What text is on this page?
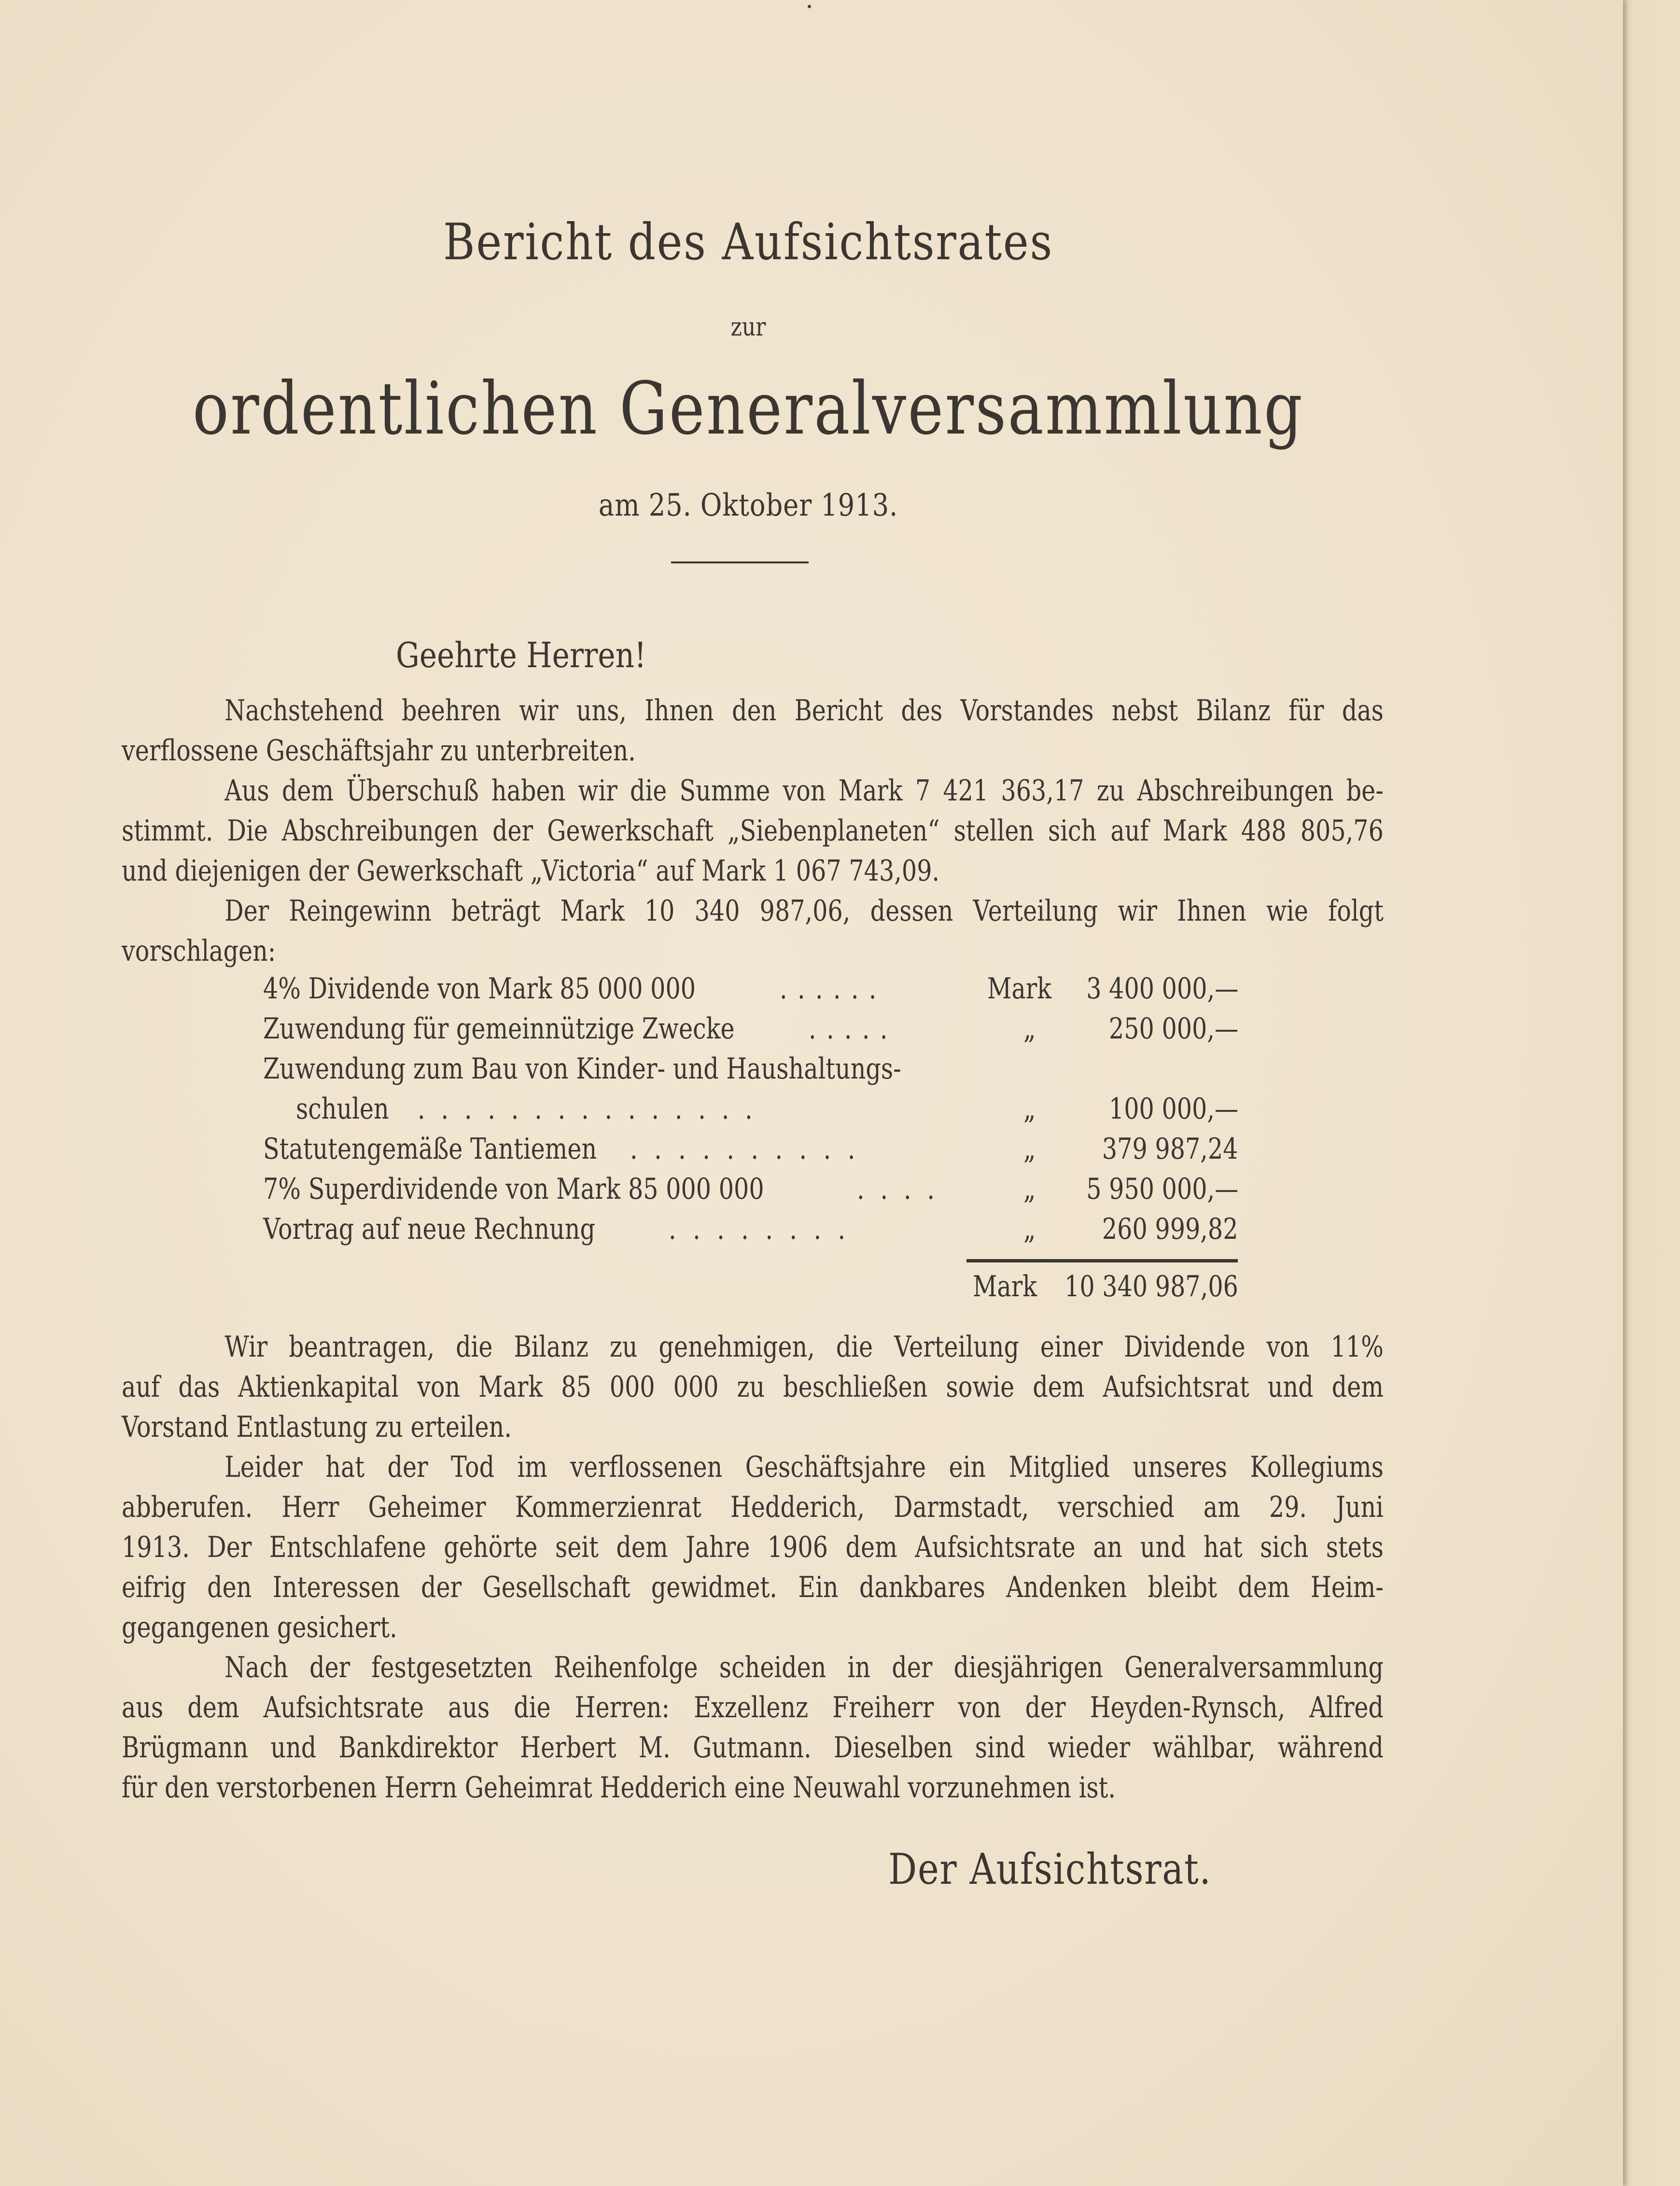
Bericht des Aufsichtsrates
zur
ordentlichen Generalversammlung
am 25. Oktober 1913.
Geehrte Herren!
Nachstehend beehren wir uns, Ihnen den Bericht des Vorstandes nebst Bilanz für das
verflossene Geschäftsjahr zu unterbreiten.
Aus dem Überschuß haben wir die Summe von Mark 7 421 363,17 zu Abschreibungen be-
stimmt. Die Abschreibungen der Gewerkschaft „Siebenplaneten“ stellen sich auf Mark 488 805,76
und diejenigen der Gewerkschaft „Victoria“ auf Mark 1 067 743,09.
Der Reingewinn beträgt Mark 10 340 987,06, dessen Verteilung wir Ihnen wie folgt
vorschlagen:
4% Dividende von Mark 85 000 000	......	Mark 3 400 000,—
Zuwendung für gemeinnützige Zwecke	.....	„	250 000,—
Zuwendung zum Bau von Kinder- und Haushaltungs-
schulen ...............	„	100 000,—
Statutengemäße Tantiemen ..........	„ 379 987,24
7% Superdividende von Mark 85 000 000	....	„ 5 950 000,—
Vortrag auf neue Rechnung	........	„ 260 999,82
Mark 10 340 987,06
Wir beantragen, die Bilanz zu genehmigen, die Verteilung einer Dividende von 11%
auf das Aktienkapital von Mark 85 000 000 zu beschließen sowie dem Aufsichtsrat und dem
Vorstand Entlastung zu erteilen.
Leider hat der Tod im verflossenen Geschäftsjahre ein Mitglied unseres Kollegiums
abberufen. Herr Geheimer Kommerzienrat Hedderich, Darmstadt, verschied am 29. Juni
1913. Der Entschlafene gehörte seit dem Jahre 1906 dem Aufsichtsrate an und hat sich stets
eifrig den Interessen der Gesellschaft gewidmet. Ein dankbares Andenken bleibt dem Heim-
gegangenen gesichert.
Nach der festgesetzten Reihenfolge scheiden in der diesjährigen Generalversammlung
aus dem Aufsichtsrate aus die Herren: Exzellenz Freiherr von der Heyden-Rynsch, Alfred
Brügmann und Bankdirektor Herbert M. Gutmann. Dieselben sind wieder wählbar, während
für den verstorbenen Herrn Geheimrat Hedderich eine Neuwahl vorzunehmen ist.
Der Aufsichtsrat.
